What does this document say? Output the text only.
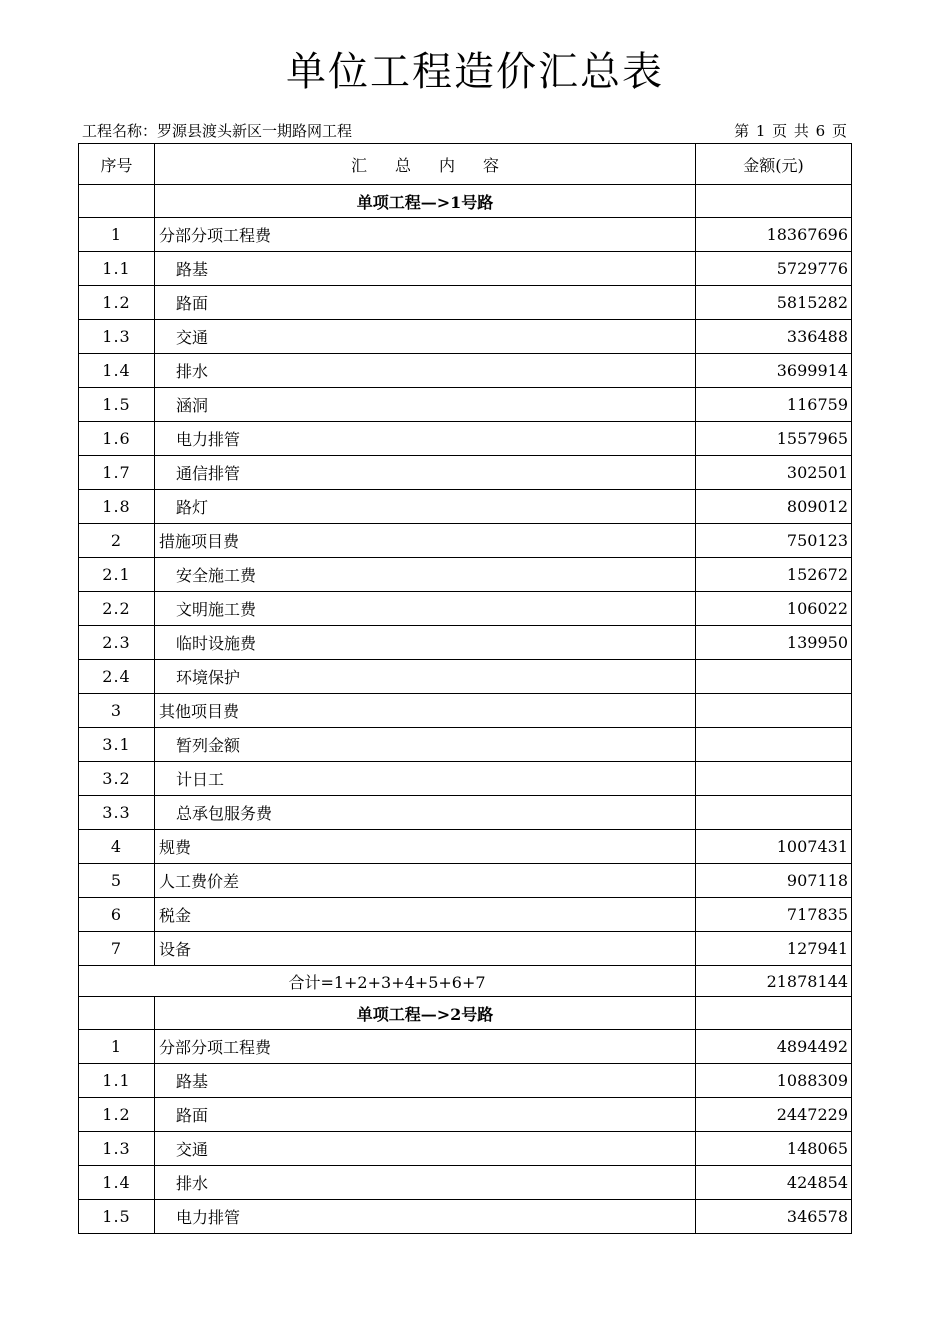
单位工程造价汇总表
工程名称：罗源县渡头新区一期路网工程	第 1 页 共 6 页
序号	汇总内容	金额(元)
	单项工程—>1号路	
1	分部分项工程费	18367696
1.1	路基	5729776
1.2	路面	5815282
1.3	交通	336488
1.4	排水	3699914
1.5	涵洞	116759
1.6	电力排管	1557965
1.7	通信排管	302501
1.8	路灯	809012
2	措施项目费	750123
2.1	安全施工费	152672
2.2	文明施工费	106022
2.3	临时设施费	139950
2.4	环境保护	
3	其他项目费	
3.1	暂列金额	
3.2	计日工	
3.3	总承包服务费	
4	规费	1007431
5	人工费价差	907118
6	税金	717835
7	设备	127941
合计=1+2+3+4+5+6+7		21878144
	单项工程—>2号路	
1	分部分项工程费	4894492
1.1	路基	1088309
1.2	路面	2447229
1.3	交通	148065
1.4	排水	424854
1.5	电力排管	346578
